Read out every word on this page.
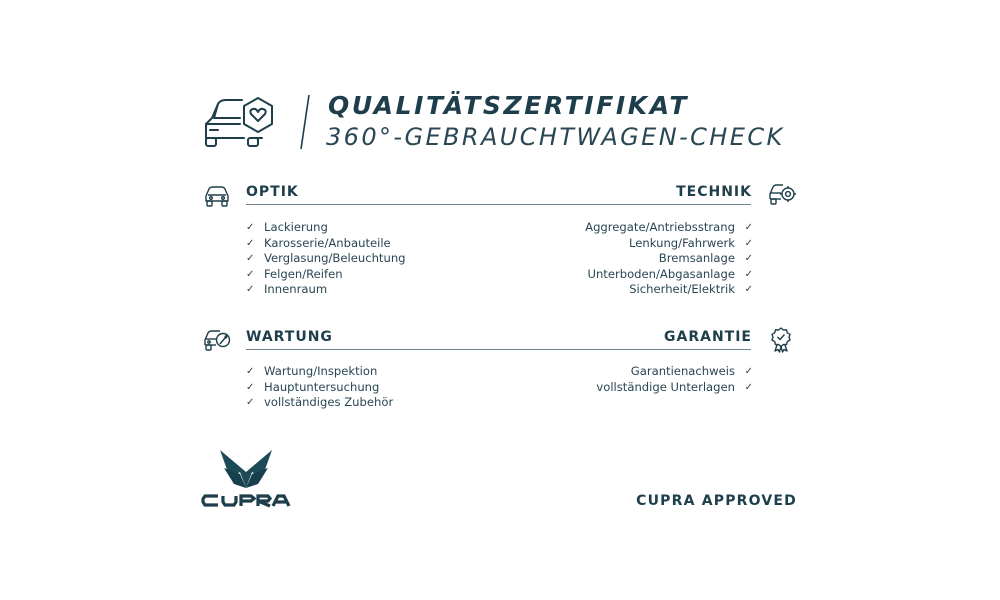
QUALITÄTSZERTIFIKAT
360°-GEBRAUCHTWAGEN-CHECK
OPTIK	TECHNIK
✓ Lackierung
✓ Karosserie/Anbauteile
✓ Verglasung/Beleuchtung
✓ Felgen/Reifen
✓ Innenraum
Aggregate/Antriebsstrang ✓
Lenkung/Fahrwerk ✓
Bremsanlage ✓
Unterboden/Abgasanlage ✓
Sicherheit/Elektrik ✓
WARTUNG	GARANTIE
✓ Wartung/Inspektion
✓ Hauptuntersuchung
✓ vollständiges Zubehör
Garantienachweis ✓
vollständige Unterlagen ✓
CUPRA APPROVED
